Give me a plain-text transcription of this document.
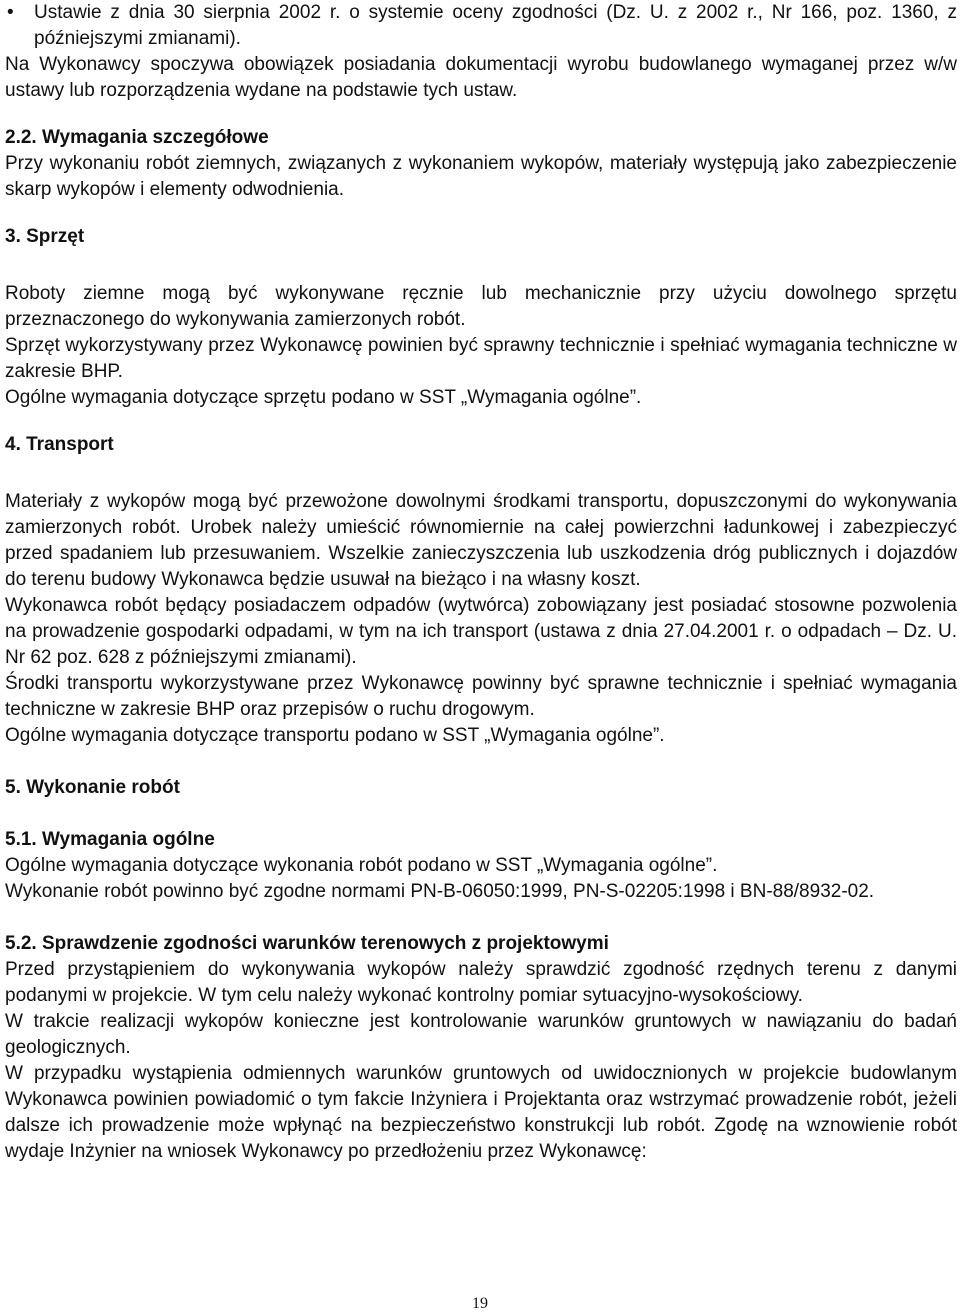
• Ustawie z dnia 30 sierpnia 2002 r. o systemie oceny zgodności (Dz. U. z 2002 r., Nr 166, poz. 1360, z późniejszymi zmianami).

Na Wykonawcy spoczywa obowiązek posiadania dokumentacji wyrobu budowlanego wymaganej przez w/w ustawy lub rozporządzenia wydane na podstawie tych ustaw.

2.2. Wymagania szczegółowe

Przy wykonaniu robót ziemnych, związanych z wykonaniem wykopów, materiały występują jako zabezpieczenie skarp wykopów i elementy odwodnienia.

3. Sprzęt

Roboty ziemne mogą być wykonywane ręcznie lub mechanicznie przy użyciu dowolnego sprzętu przeznaczonego do wykonywania zamierzonych robót.

Sprzęt wykorzystywany przez Wykonawcę powinien być sprawny technicznie i spełniać wymagania techniczne w zakresie BHP.

Ogólne wymagania dotyczące sprzętu podano w SST „Wymagania ogólne”.

4. Transport

Materiały z wykopów mogą być przewożone dowolnymi środkami transportu, dopuszczonymi do wykonywania zamierzonych robót. Urobek należy umieścić równomiernie na całej powierzchni ładunkowej i zabezpieczyć przed spadaniem lub przesuwaniem. Wszelkie zanieczyszczenia lub uszkodzenia dróg publicznych i dojazdów do terenu budowy Wykonawca będzie usuwał na bieżąco i na własny koszt.

Wykonawca robót będący posiadaczem odpadów (wytwórca) zobowiązany jest posiadać stosowne pozwolenia na prowadzenie gospodarki odpadami, w tym na ich transport (ustawa z dnia 27.04.2001 r. o odpadach – Dz. U. Nr 62 poz. 628 z późniejszymi zmianami).

Środki transportu wykorzystywane przez Wykonawcę powinny być sprawne technicznie i spełniać wymagania techniczne w zakresie BHP oraz przepisów o ruchu drogowym.

Ogólne wymagania dotyczące transportu podano w SST „Wymagania ogólne”.

5. Wykonanie robót

5.1. Wymagania ogólne

Ogólne wymagania dotyczące wykonania robót podano w SST „Wymagania ogólne”.

Wykonanie robót powinno być zgodne normami PN-B-06050:1999, PN-S-02205:1998 i BN-88/8932-02.

5.2. Sprawdzenie zgodności warunków terenowych z projektowymi

Przed przystąpieniem do wykonywania wykopów należy sprawdzić zgodność rzędnych terenu z danymi podanymi w projekcie. W tym celu należy wykonać kontrolny pomiar sytuacyjno-wysokościowy.

W trakcie realizacji wykopów konieczne jest kontrolowanie warunków gruntowych w nawiązaniu do badań geologicznych.

W przypadku wystąpienia odmiennych warunków gruntowych od uwidocznionych w projekcie budowlanym Wykonawca powinien powiadomić o tym fakcie Inżyniera i Projektanta oraz wstrzymać prowadzenie robót, jeżeli dalsze ich prowadzenie może wpłynąć na bezpieczeństwo konstrukcji lub robót. Zgodę na wznowienie robót wydaje Inżynier na wniosek Wykonawcy po przedłożeniu przez Wykonawcę:

19
